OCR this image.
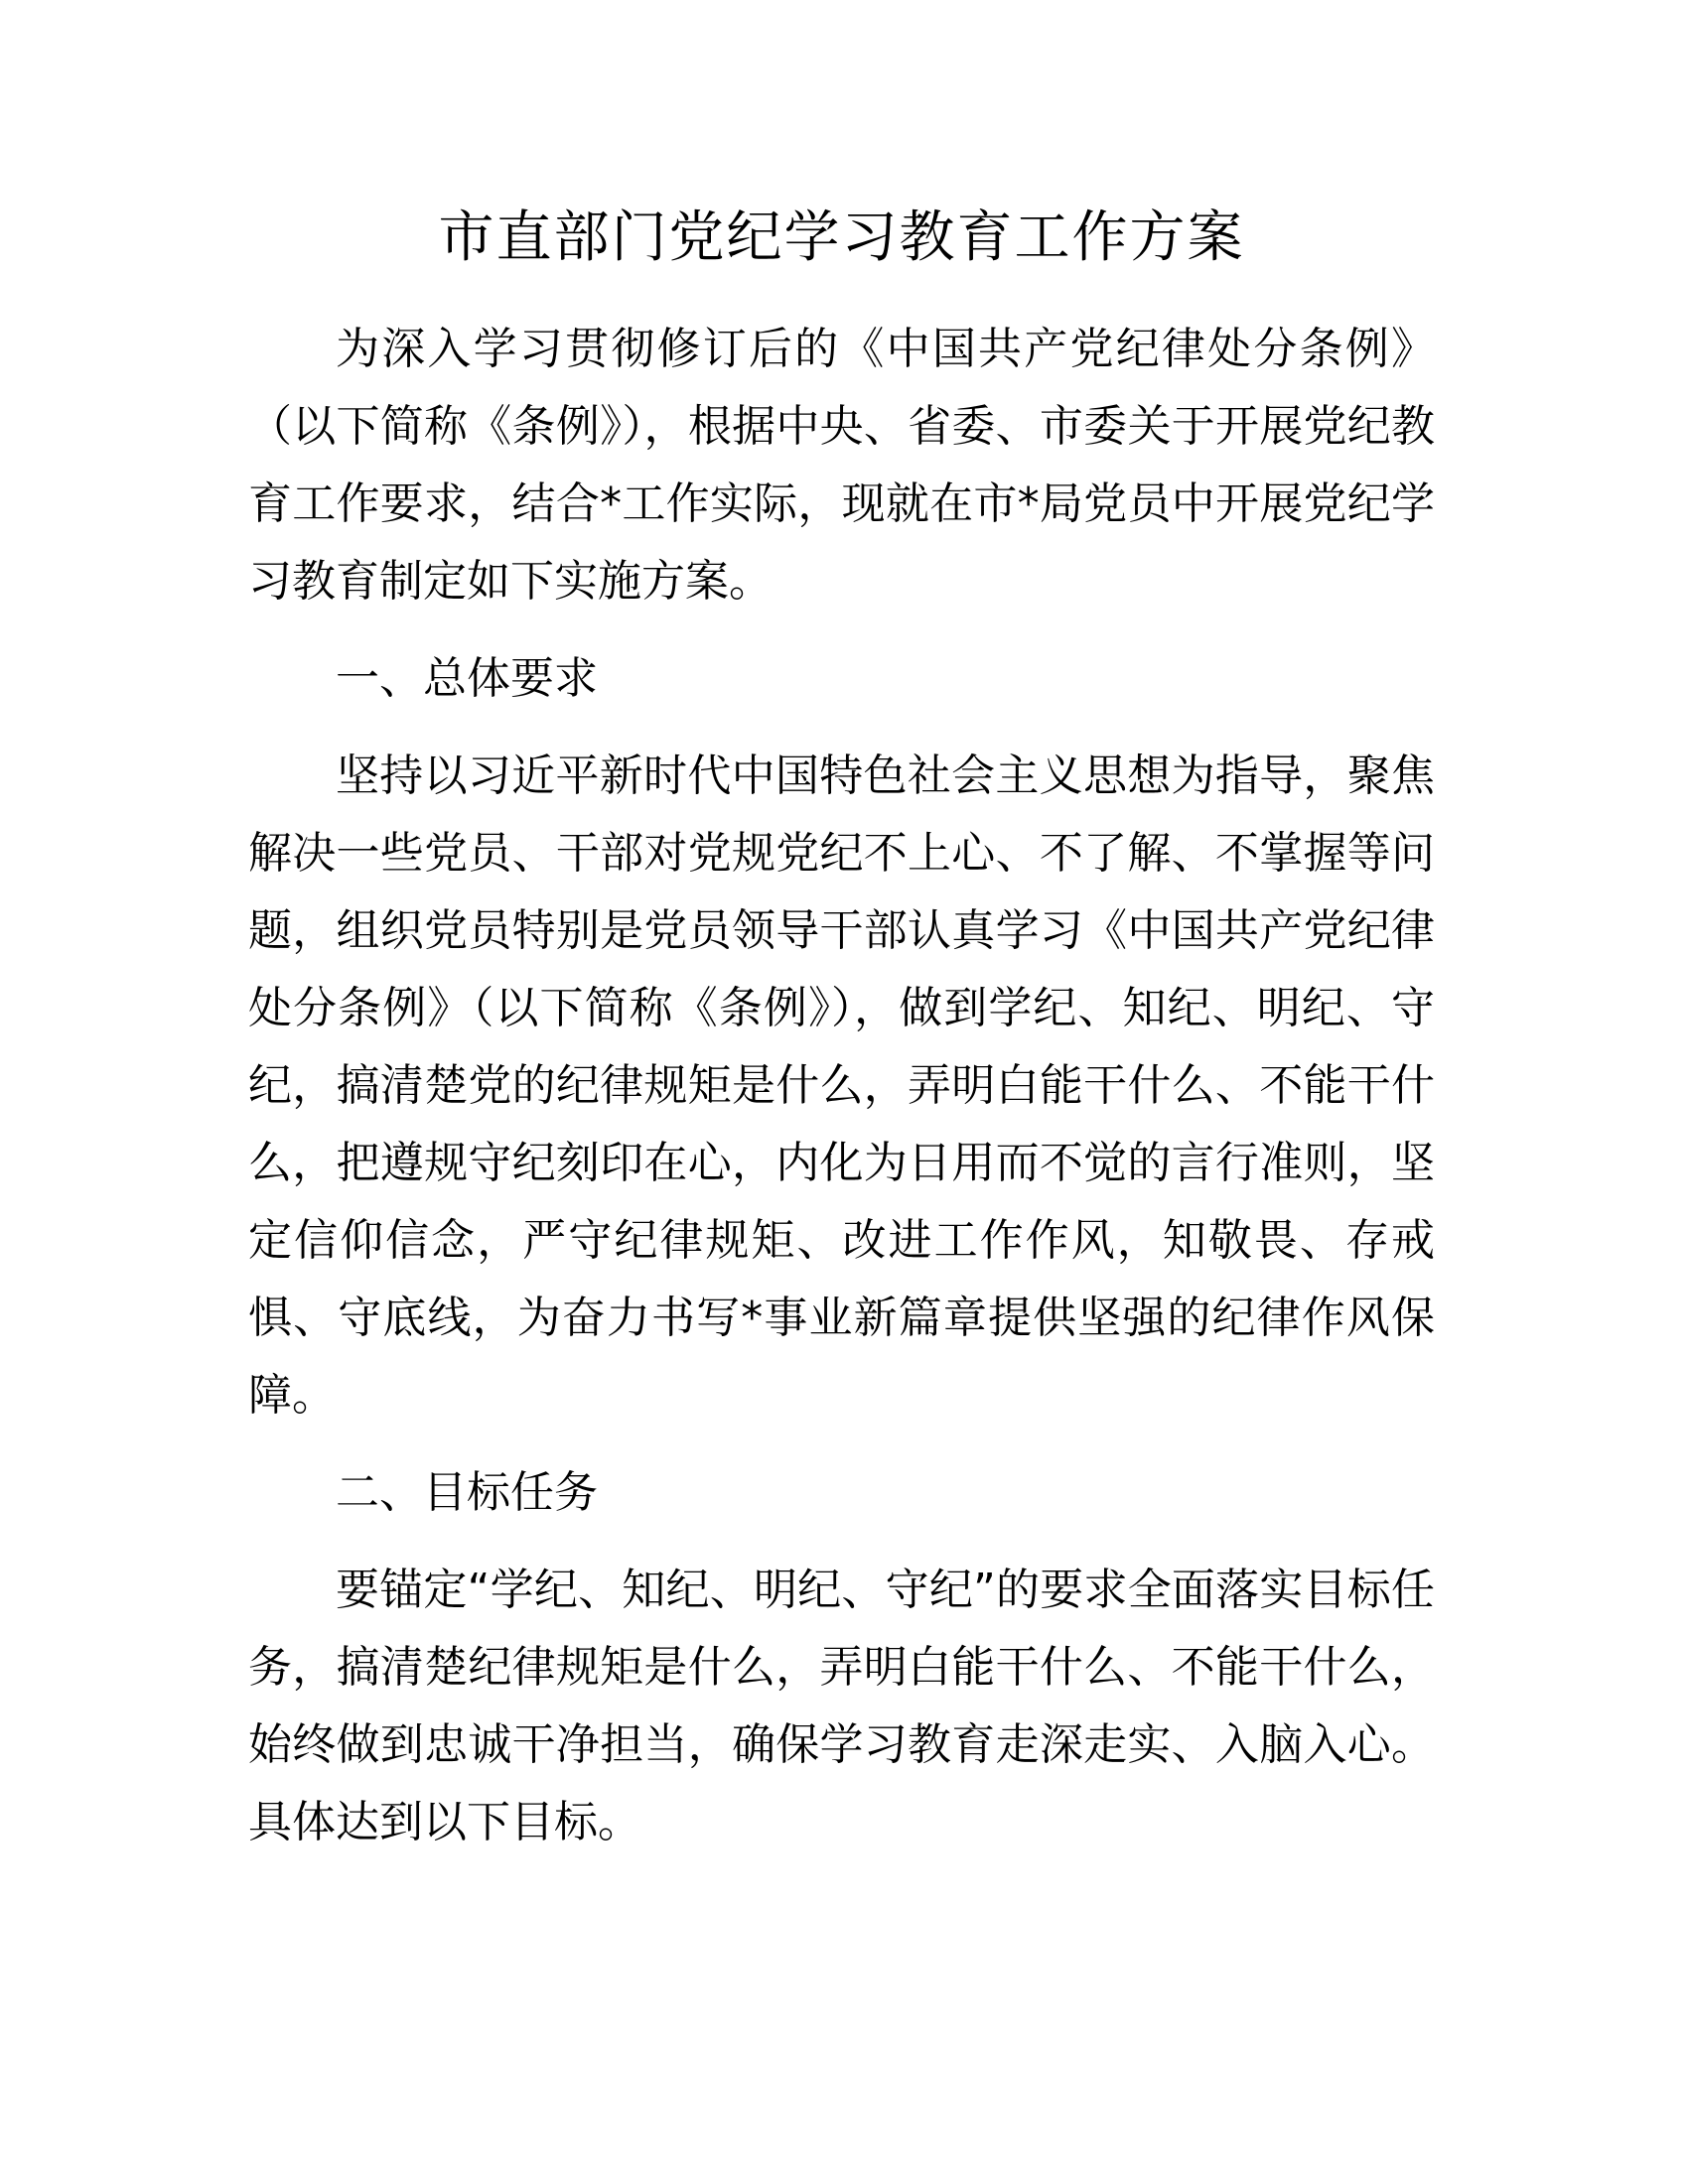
市直部门党纪学习教育工作方案

为深入学习贯彻修订后的《中国共产党纪律处分条例》（以下简称《条例》），根据中央、省委、市委关于开展党纪教育工作要求，结合*工作实际，现就在市*局党员中开展党纪学习教育制定如下实施方案。

一、总体要求

坚持以习近平新时代中国特色社会主义思想为指导，聚焦解决一些党员、干部对党规党纪不上心、不了解、不掌握等问题，组织党员特别是党员领导干部认真学习《中国共产党纪律处分条例》（以下简称《条例》），做到学纪、知纪、明纪、守纪，搞清楚党的纪律规矩是什么，弄明白能干什么、不能干什么，把遵规守纪刻印在心，内化为日用而不觉的言行准则，坚定信仰信念，严守纪律规矩、改进工作作风，知敬畏、存戒惧、守底线，为奋力书写*事业新篇章提供坚强的纪律作风保障。

二、目标任务

要锚定“学纪、知纪、明纪、守纪”的要求全面落实目标任务，搞清楚纪律规矩是什么，弄明白能干什么、不能干什么，始终做到忠诚干净担当，确保学习教育走深走实、入脑入心。具体达到以下目标。
